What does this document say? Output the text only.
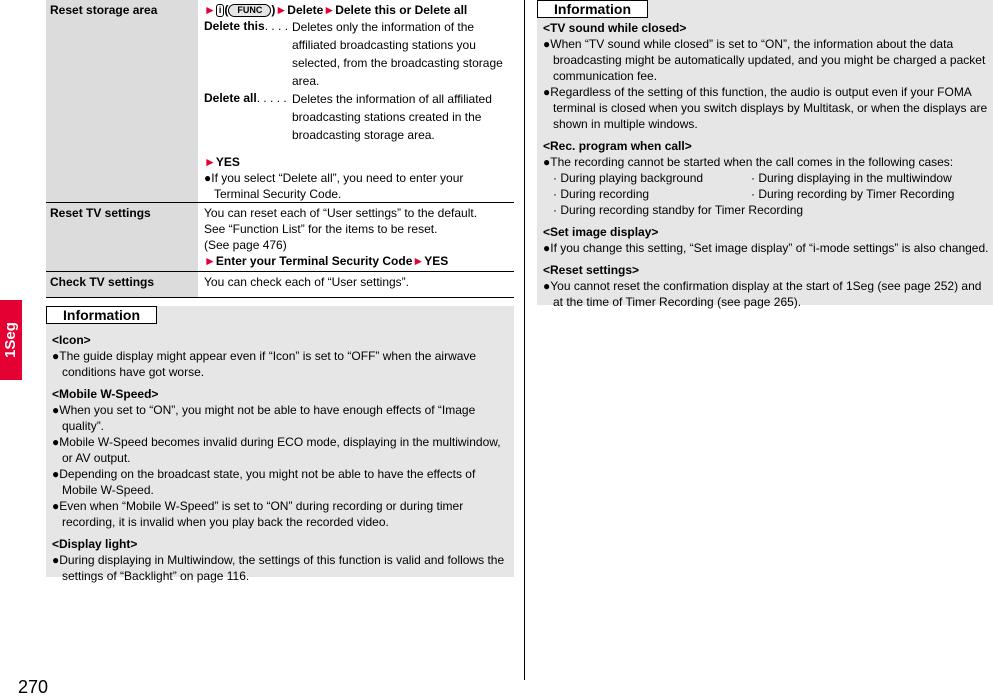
1Seg
270
Reset storage area	► i ( FUNC )►Delete►Delete this or Delete all
Delete this. . . . Deletes only the information of the affiliated broadcasting stations you selected, from the broadcasting storage area.
Delete all. . . . . Deletes the information of all affiliated broadcasting stations created in the broadcasting storage area.
►YES
●If you select “Delete all”, you need to enter your Terminal Security Code.
Reset TV settings	You can reset each of “User settings” to the default.
See “Function List” for the items to be reset.
(See page 476)
►Enter your Terminal Security Code►YES
Check TV settings	You can check each of “User settings”.
Information
<Icon>
●The guide display might appear even if “Icon” is set to “OFF” when the airwave conditions have got worse.
<Mobile W-Speed>
●When you set to “ON”, you might not be able to have enough effects of “Image quality”.
●Mobile W-Speed becomes invalid during ECO mode, displaying in the multiwindow, or AV output.
●Depending on the broadcast state, you might not be able to have the effects of Mobile W-Speed.
●Even when “Mobile W-Speed” is set to “ON” during recording or during timer recording, it is invalid when you play back the recorded video.
<Display light>
●During displaying in Multiwindow, the settings of this function is valid and follows the settings of “Backlight” on page 116.
Information
<TV sound while closed>
●When “TV sound while closed” is set to “ON”, the information about the data broadcasting might be automatically updated, and you might be charged a packet communication fee.
●Regardless of the setting of this function, the audio is output even if your FOMA terminal is closed when you switch displays by Multitask, or when the displays are shown in multiple windows.
<Rec. program when call>
●The recording cannot be started when the call comes in the following cases:
· During playing background	· During displaying in the multiwindow
· During recording	· During recording by Timer Recording
· During recording standby for Timer Recording
<Set image display>
●If you change this setting, “Set image display” of “i-mode settings” is also changed.
<Reset settings>
●You cannot reset the confirmation display at the start of 1Seg (see page 252) and at the time of Timer Recording (see page 265).
